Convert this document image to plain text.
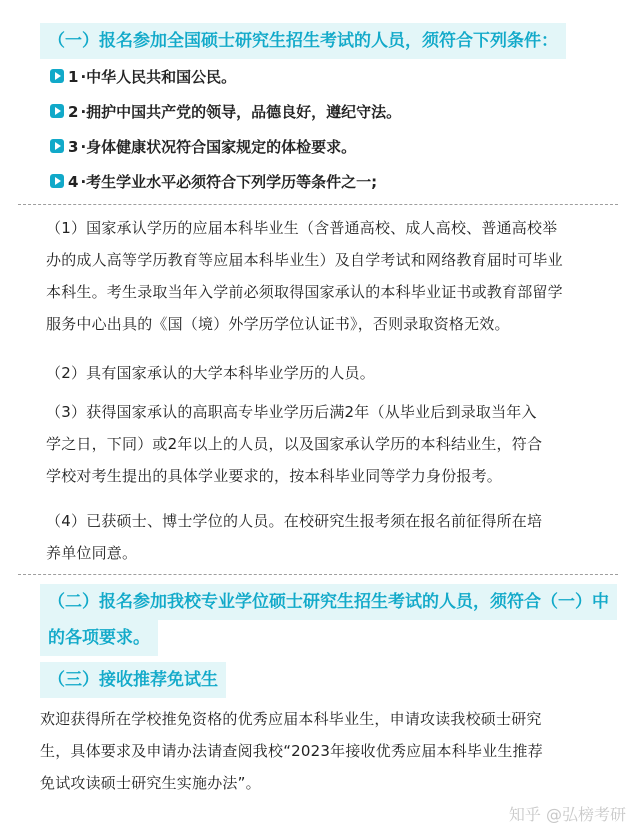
（一）报名参加全国硕士研究生招生考试的人员，须符合下列条件：
1 ·中华人民共和国公民。
2 ·拥护中国共产党的领导，品德良好，遵纪守法。
3 ·身体健康状况符合国家规定的体检要求。
4 ·考生学业水平必须符合下列学历等条件之一;
（1）国家承认学历的应届本科毕业生（含普通高校、成人高校、普通高校举
办的成人高等学历教育等应届本科毕业生）及自学考试和网络教育届时可毕业
本科生。考生录取当年入学前必须取得国家承认的本科毕业证书或教育部留学
服务中心出具的《国（境）外学历学位认证书》，否则录取资格无效。
（2）具有国家承认的大学本科毕业学历的人员。
（3）获得国家承认的高职高专毕业学历后满2年（从毕业后到录取当年入
学之日，下同）或2年以上的人员，以及国家承认学历的本科结业生，符合
学校对考生提出的具体学业要求的，按本科毕业同等学力身份报考。
（4）已获硕士、博士学位的人员。在校研究生报考须在报名前征得所在培
养单位同意。
（二）报名参加我校专业学位硕士研究生招生考试的人员，须符合（一）中
的各项要求。
（三）接收推荐免试生
欢迎获得所在学校推免资格的优秀应届本科毕业生，申请攻读我校硕士研究
生，具体要求及申请办法请查阅我校“2023年接收优秀应届本科毕业生推荐
免试攻读硕士研究生实施办法”。
知乎 @弘榜考研
